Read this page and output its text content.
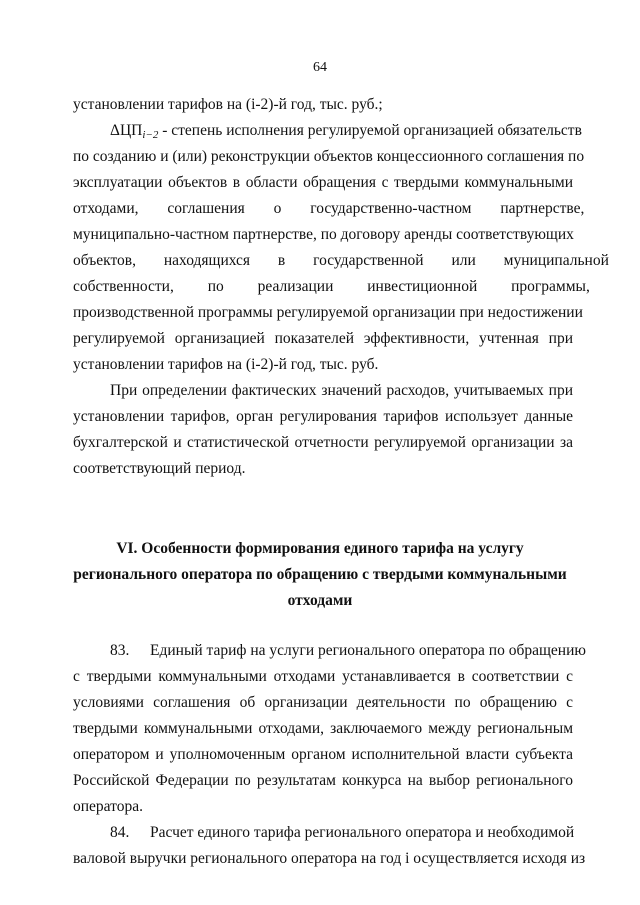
64
установлении тарифов на (i-2)-й год, тыс. руб.;
$\Delta ЦП_{i-2}$ - степень исполнения регулируемой организацией обязательств
по созданию и (или) реконструкции объектов концессионного соглашения по
эксплуатации объектов в области обращения с твердыми коммунальными
отходами, соглашения о государственно-частном партнерстве,
муниципально-частном партнерстве, по договору аренды соответствующих
объектов, находящихся в государственной или муниципальной
собственности, по реализации инвестиционной программы,
производственной программы регулируемой организации при недостижении
регулируемой организацией показателей эффективности, учтенная при
установлении тарифов на (i-2)-й год, тыс. руб.
При определении фактических значений расходов, учитываемых при
установлении тарифов, орган регулирования тарифов использует данные
бухгалтерской и статистической отчетности регулируемой организации за
соответствующий период.
VI. Особенности формирования единого тарифа на услугу
регионального оператора по обращению с твердыми коммунальными
отходами
83.	Единый тариф на услуги регионального оператора по обращению
с твердыми коммунальными отходами устанавливается в соответствии с
условиями соглашения об организации деятельности по обращению с
твердыми коммунальными отходами, заключаемого между региональным
оператором и уполномоченным органом исполнительной власти субъекта
Российской Федерации по результатам конкурса на выбор регионального
оператора.
84.	Расчет единого тарифа регионального оператора и необходимой
валовой выручки регионального оператора на год i осуществляется исходя из
